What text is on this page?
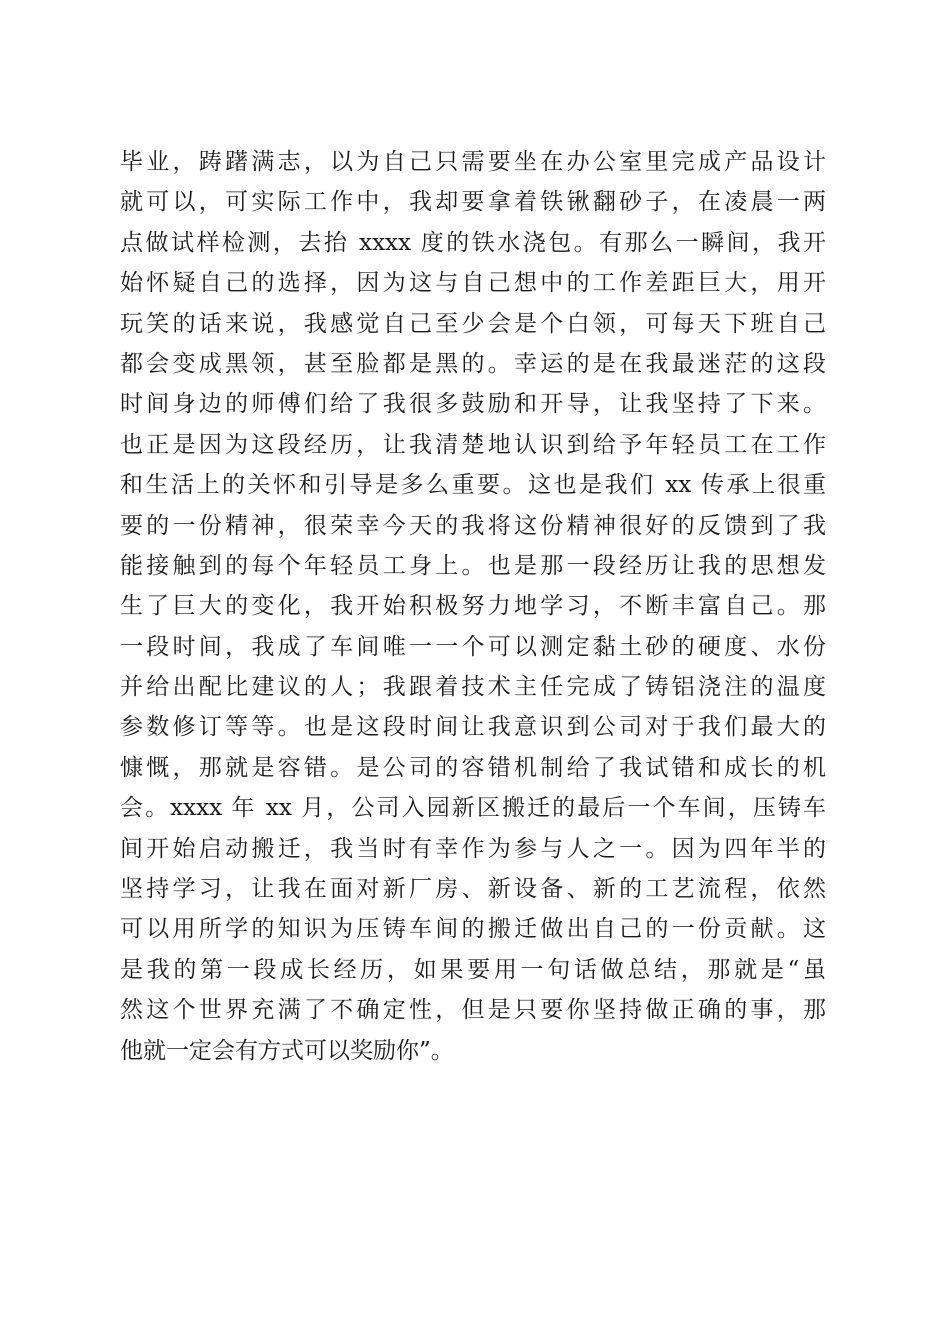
毕业，踌躇满志，以为自己只需要坐在办公室里完成产品设计
就可以，可实际工作中，我却要拿着铁锹翻砂子，在凌晨一两
点做试样检测，去抬 xxxx 度的铁水浇包。有那么一瞬间，我开
始怀疑自己的选择，因为这与自己想中的工作差距巨大，用开
玩笑的话来说，我感觉自己至少会是个白领，可每天下班自己
都会变成黑领，甚至脸都是黑的。幸运的是在我最迷茫的这段
时间身边的师傅们给了我很多鼓励和开导，让我坚持了下来。
也正是因为这段经历，让我清楚地认识到给予年轻员工在工作
和生活上的关怀和引导是多么重要。这也是我们 xx 传承上很重
要的一份精神，很荣幸今天的我将这份精神很好的反馈到了我
能接触到的每个年轻员工身上。也是那一段经历让我的思想发
生了巨大的变化，我开始积极努力地学习，不断丰富自己。那
一段时间，我成了车间唯一一个可以测定黏土砂的硬度、水份
并给出配比建议的人；我跟着技术主任完成了铸铝浇注的温度
参数修订等等。也是这段时间让我意识到公司对于我们最大的
慷慨，那就是容错。是公司的容错机制给了我试错和成长的机
会。xxxx 年 xx 月，公司入园新区搬迁的最后一个车间，压铸车
间开始启动搬迁，我当时有幸作为参与人之一。因为四年半的
坚持学习，让我在面对新厂房、新设备、新的工艺流程，依然
可以用所学的知识为压铸车间的搬迁做出自己的一份贡献。这
是我的第一段成长经历，如果要用一句话做总结，那就是“虽
然这个世界充满了不确定性，但是只要你坚持做正确的事，那
他就一定会有方式可以奖励你”。
